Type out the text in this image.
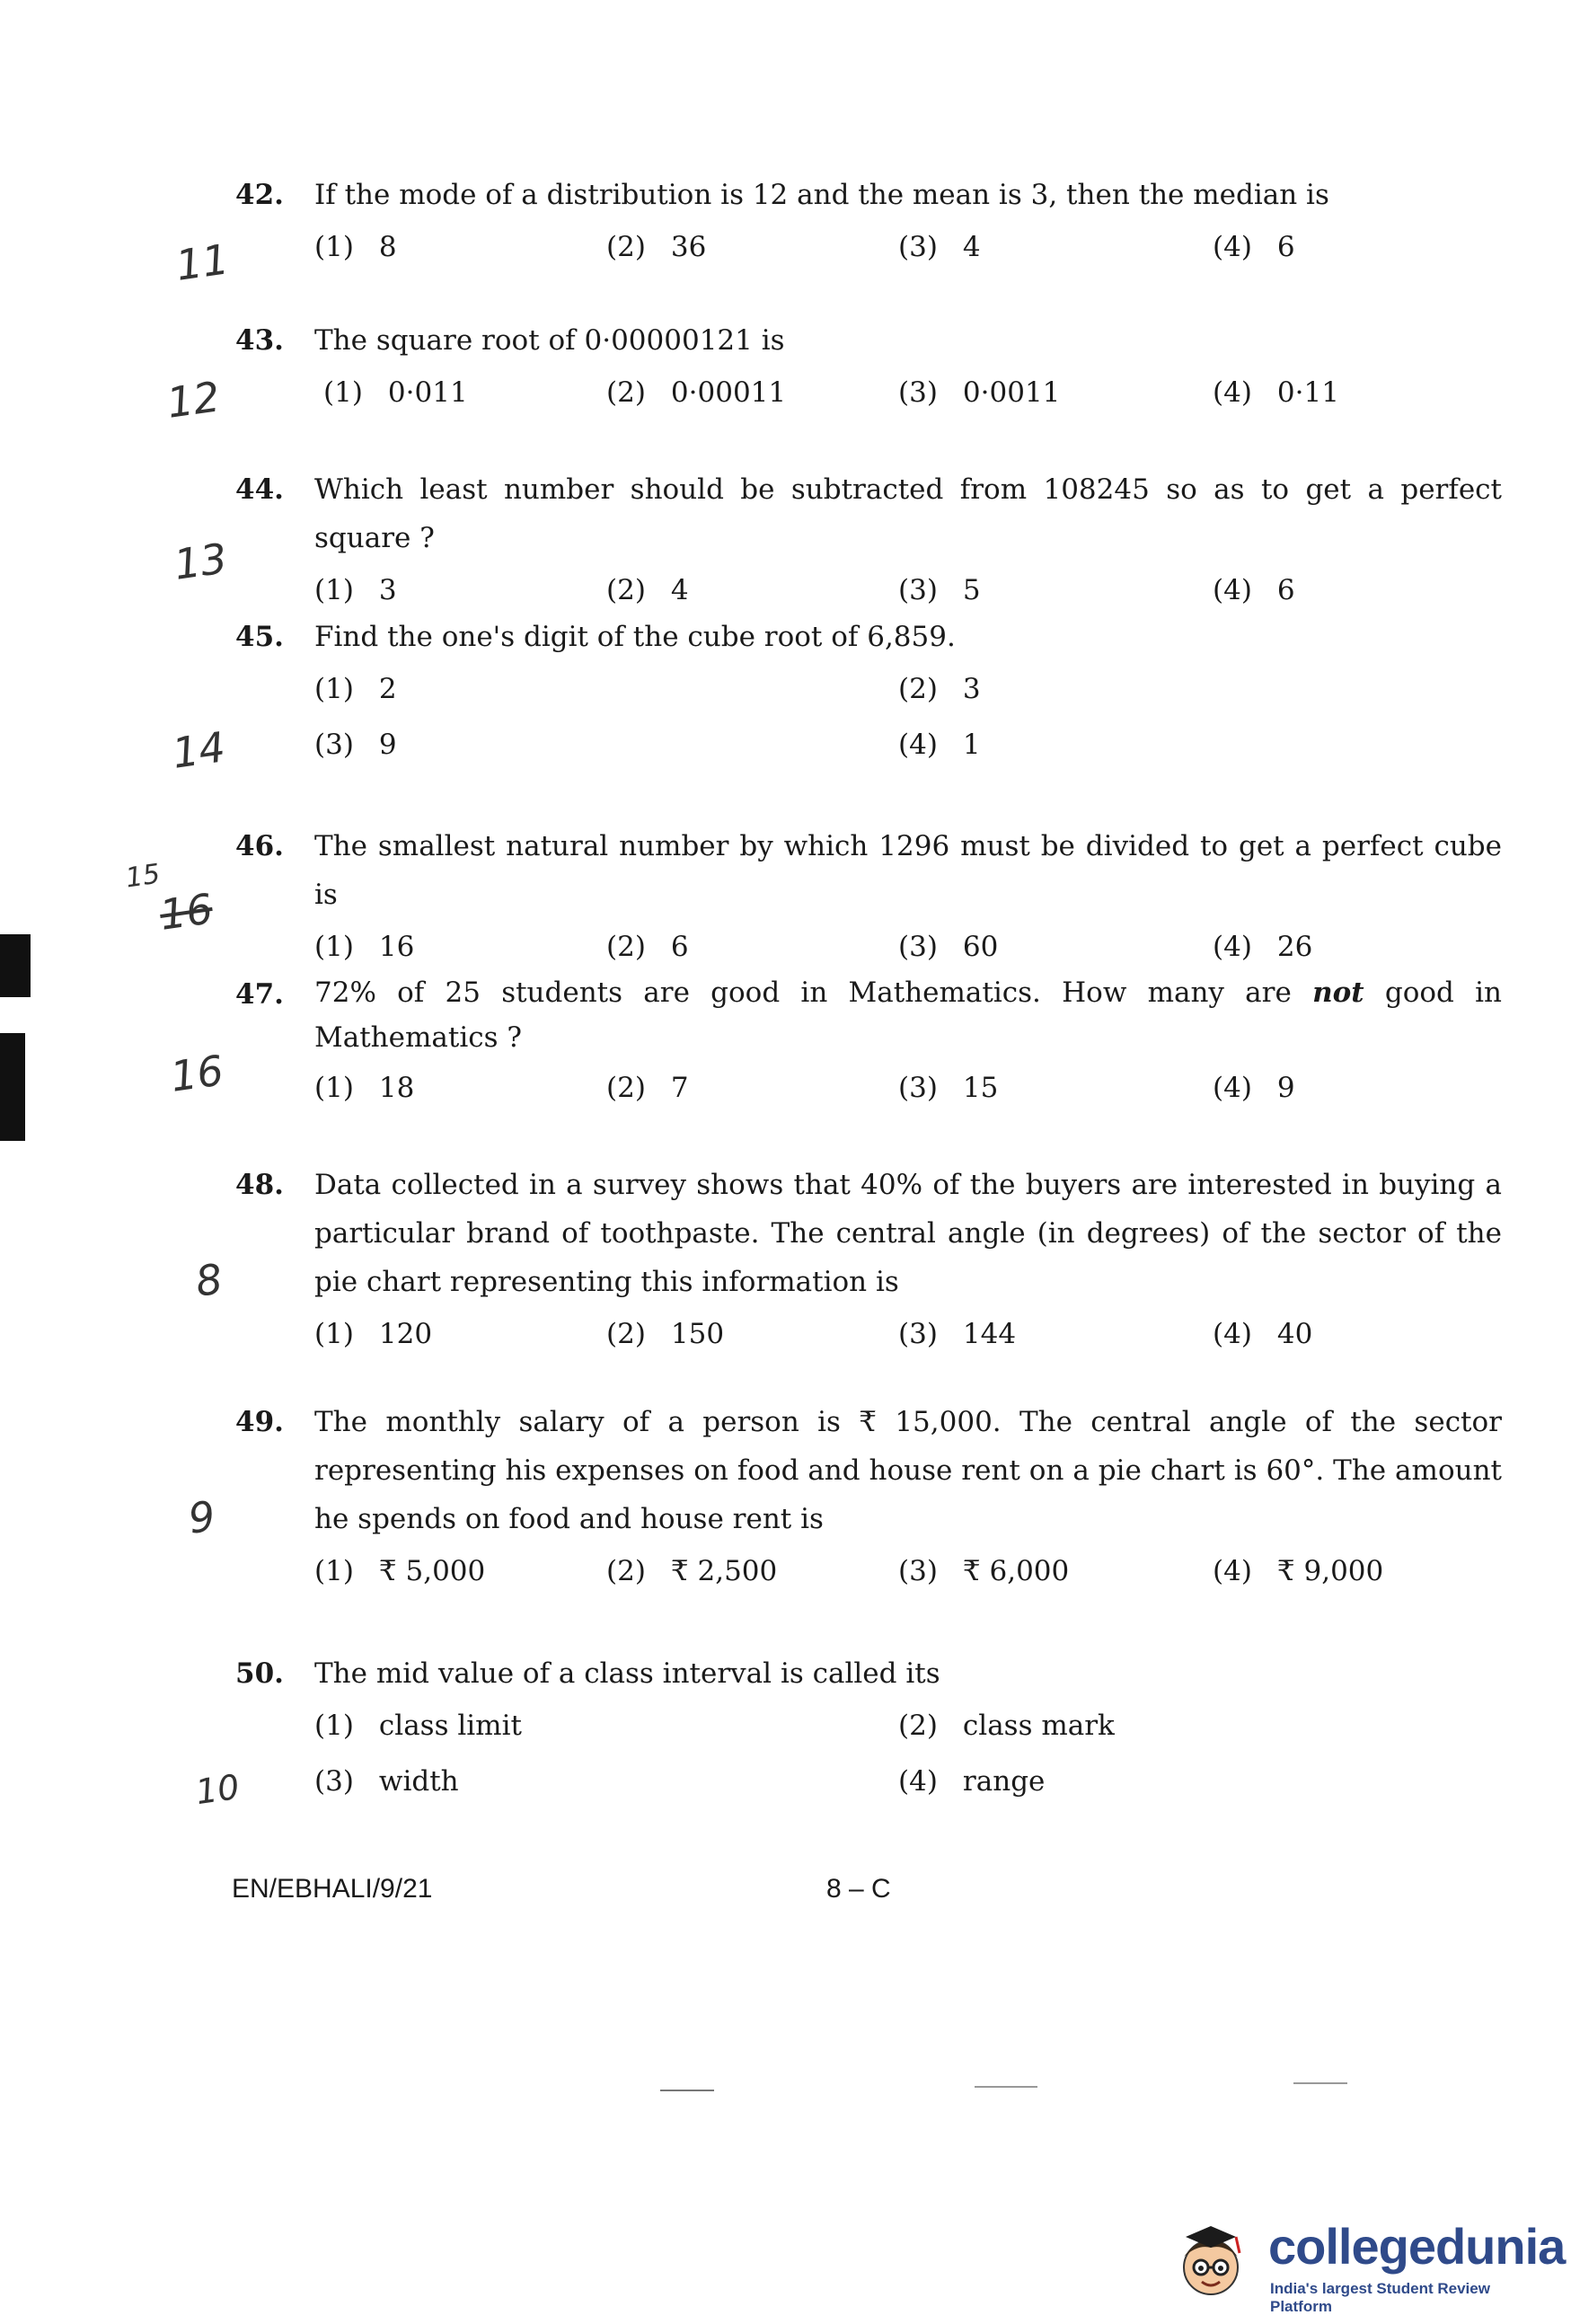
42.	If the mode of a distribution is 12 and the mean is 3, then the median is
(1) 8	(2) 36	(3) 4	(4) 6
43.	The square root of 0·00000121 is
(1) 0·011	(2) 0·00011	(3) 0·0011	(4) 0·11
44.	Which least number should be subtracted from 108245 so as to get a perfect square ?
(1) 3	(2) 4	(3) 5	(4) 6
45.	Find the one's digit of the cube root of 6,859.
(1) 2	(2) 3
(3) 9	(4) 1
46.	The smallest natural number by which 1296 must be divided to get a perfect cube is
(1) 16	(2) 6	(3) 60	(4) 26
47.	72% of 25 students are good in Mathematics. How many are not good in Mathematics ?
(1) 18	(2) 7	(3) 15	(4) 9
48.	Data collected in a survey shows that 40% of the buyers are interested in buying a particular brand of toothpaste. The central angle (in degrees) of the sector of the pie chart representing this information is
(1) 120	(2) 150	(3) 144	(4) 40
49.	The monthly salary of a person is ₹ 15,000. The central angle of the sector representing his expenses on food and house rent on a pie chart is 60°. The amount he spends on food and house rent is
(1) ₹ 5,000	(2) ₹ 2,500	(3) ₹ 6,000	(4) ₹ 9,000
50.	The mid value of a class interval is called its
(1) class limit	(2) class mark
(3) width	(4) range
11
12
13
14
15
16
16
8
9
10
EN/EBHALI/9/21	8 – C
collegedunia
India's largest Student Review Platform
